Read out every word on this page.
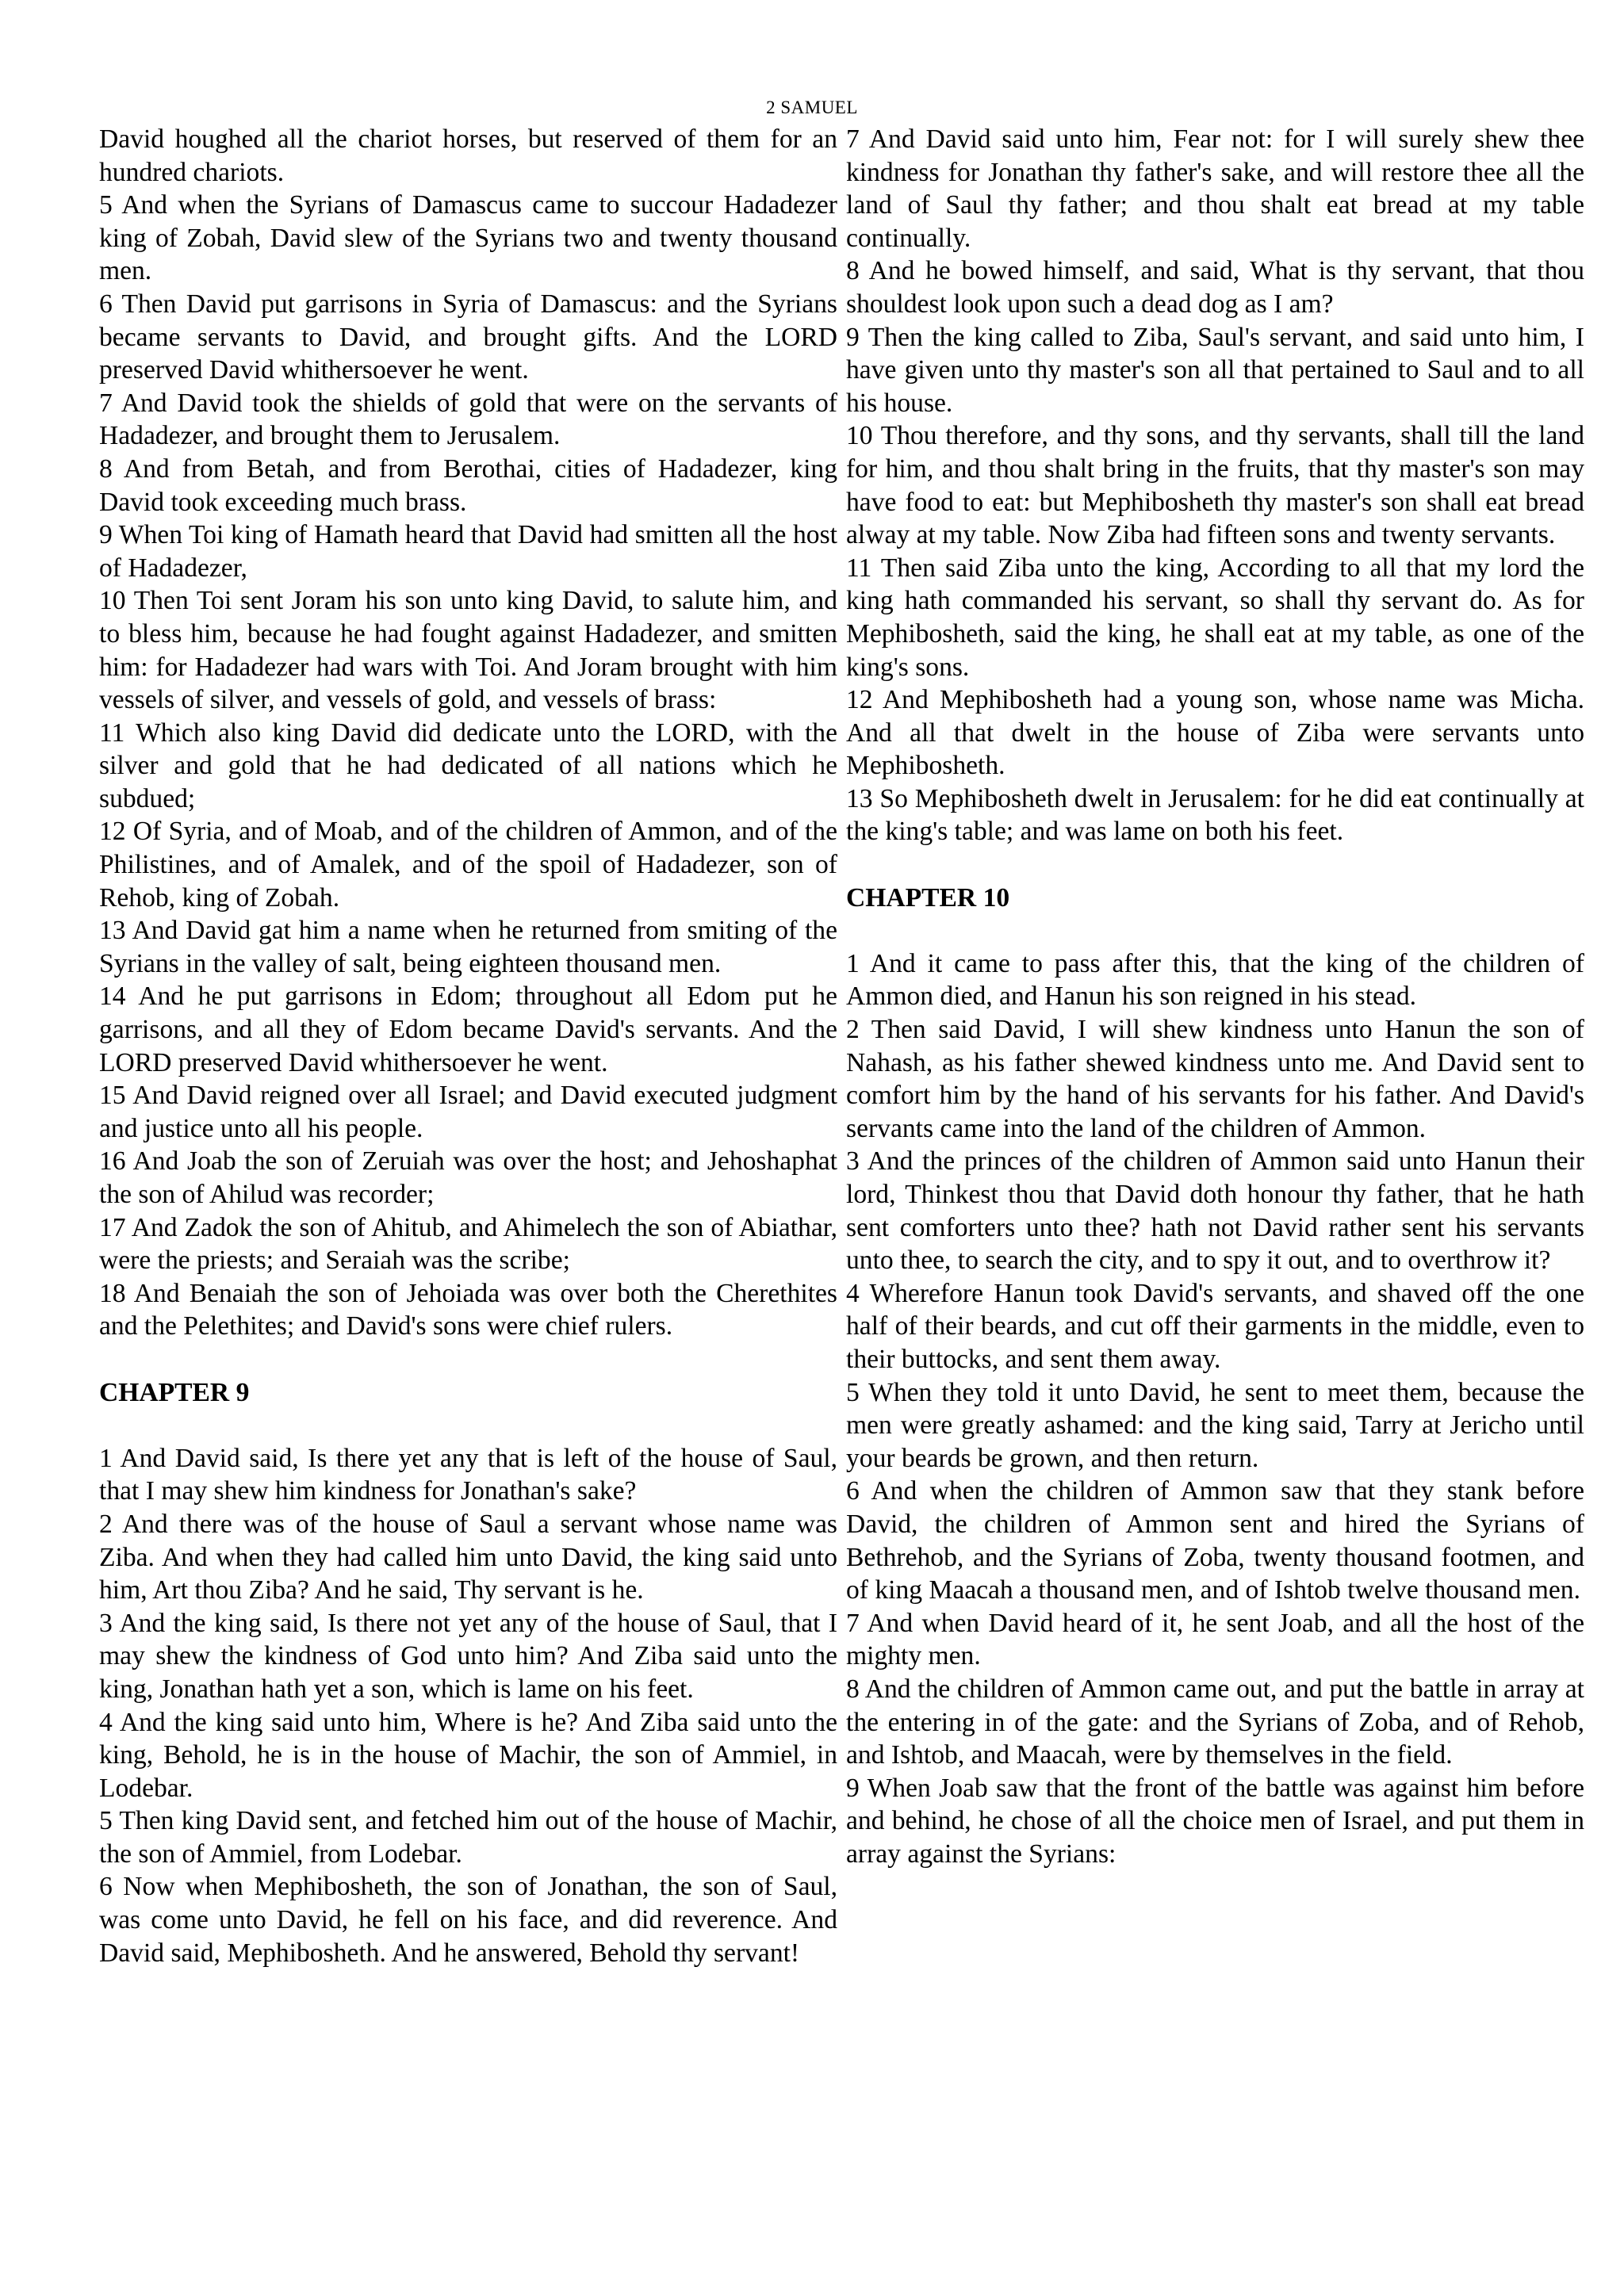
2 SAMUEL

David houghed all the chariot horses, but reserved of them for an hundred chariots.

5 And when the Syrians of Damascus came to succour Hadadezer king of Zobah, David slew of the Syrians two and twenty thousand men.

6 Then David put garrisons in Syria of Damascus: and the Syrians became servants to David, and brought gifts. And the LORD preserved David whithersoever he went.

7 And David took the shields of gold that were on the servants of Hadadezer, and brought them to Jerusalem.

8 And from Betah, and from Berothai, cities of Hadadezer, king David took exceeding much brass.

9 When Toi king of Hamath heard that David had smitten all the host of Hadadezer,

10 Then Toi sent Joram his son unto king David, to salute him, and to bless him, because he had fought against Hadadezer, and smitten him: for Hadadezer had wars with Toi. And Joram brought with him vessels of silver, and vessels of gold, and vessels of brass:

11 Which also king David did dedicate unto the LORD, with the silver and gold that he had dedicated of all nations which he subdued;

12 Of Syria, and of Moab, and of the children of Ammon, and of the Philistines, and of Amalek, and of the spoil of Hadadezer, son of Rehob, king of Zobah.

13 And David gat him a name when he returned from smiting of the Syrians in the valley of salt, being eighteen thousand men.

14 And he put garrisons in Edom; throughout all Edom put he garrisons, and all they of Edom became David's servants. And the LORD preserved David whithersoever he went.

15 And David reigned over all Israel; and David executed judgment and justice unto all his people.

16 And Joab the son of Zeruiah was over the host; and Jehoshaphat the son of Ahilud was recorder;

17 And Zadok the son of Ahitub, and Ahimelech the son of Abiathar, were the priests; and Seraiah was the scribe;

18 And Benaiah the son of Jehoiada was over both the Cherethites and the Pelethites; and David's sons were chief rulers.

CHAPTER 9

1 And David said, Is there yet any that is left of the house of Saul, that I may shew him kindness for Jonathan's sake?

2 And there was of the house of Saul a servant whose name was Ziba. And when they had called him unto David, the king said unto him, Art thou Ziba? And he said, Thy servant is he.

3 And the king said, Is there not yet any of the house of Saul, that I may shew the kindness of God unto him? And Ziba said unto the king, Jonathan hath yet a son, which is lame on his feet.

4 And the king said unto him, Where is he? And Ziba said unto the king, Behold, he is in the house of Machir, the son of Ammiel, in Lodebar.

5 Then king David sent, and fetched him out of the house of Machir, the son of Ammiel, from Lodebar.

6 Now when Mephibosheth, the son of Jonathan, the son of Saul, was come unto David, he fell on his face, and did reverence. And David said, Mephibosheth. And he answered, Behold thy servant!

7 And David said unto him, Fear not: for I will surely shew thee kindness for Jonathan thy father's sake, and will restore thee all the land of Saul thy father; and thou shalt eat bread at my table continually.

8 And he bowed himself, and said, What is thy servant, that thou shouldest look upon such a dead dog as I am?

9 Then the king called to Ziba, Saul's servant, and said unto him, I have given unto thy master's son all that pertained to Saul and to all his house.

10 Thou therefore, and thy sons, and thy servants, shall till the land for him, and thou shalt bring in the fruits, that thy master's son may have food to eat: but Mephibosheth thy master's son shall eat bread alway at my table. Now Ziba had fifteen sons and twenty servants.

11 Then said Ziba unto the king, According to all that my lord the king hath commanded his servant, so shall thy servant do. As for Mephibosheth, said the king, he shall eat at my table, as one of the king's sons.

12 And Mephibosheth had a young son, whose name was Micha. And all that dwelt in the house of Ziba were servants unto Mephibosheth.

13 So Mephibosheth dwelt in Jerusalem: for he did eat continually at the king's table; and was lame on both his feet.

CHAPTER 10

1 And it came to pass after this, that the king of the children of Ammon died, and Hanun his son reigned in his stead.

2 Then said David, I will shew kindness unto Hanun the son of Nahash, as his father shewed kindness unto me. And David sent to comfort him by the hand of his servants for his father. And David's servants came into the land of the children of Ammon.

3 And the princes of the children of Ammon said unto Hanun their lord, Thinkest thou that David doth honour thy father, that he hath sent comforters unto thee? hath not David rather sent his servants unto thee, to search the city, and to spy it out, and to overthrow it?

4 Wherefore Hanun took David's servants, and shaved off the one half of their beards, and cut off their garments in the middle, even to their buttocks, and sent them away.

5 When they told it unto David, he sent to meet them, because the men were greatly ashamed: and the king said, Tarry at Jericho until your beards be grown, and then return.

6 And when the children of Ammon saw that they stank before David, the children of Ammon sent and hired the Syrians of Bethrehob, and the Syrians of Zoba, twenty thousand footmen, and of king Maacah a thousand men, and of Ishtob twelve thousand men.

7 And when David heard of it, he sent Joab, and all the host of the mighty men.

8 And the children of Ammon came out, and put the battle in array at the entering in of the gate: and the Syrians of Zoba, and of Rehob, and Ishtob, and Maacah, were by themselves in the field.

9 When Joab saw that the front of the battle was against him before and behind, he chose of all the choice men of Israel, and put them in array against the Syrians:
